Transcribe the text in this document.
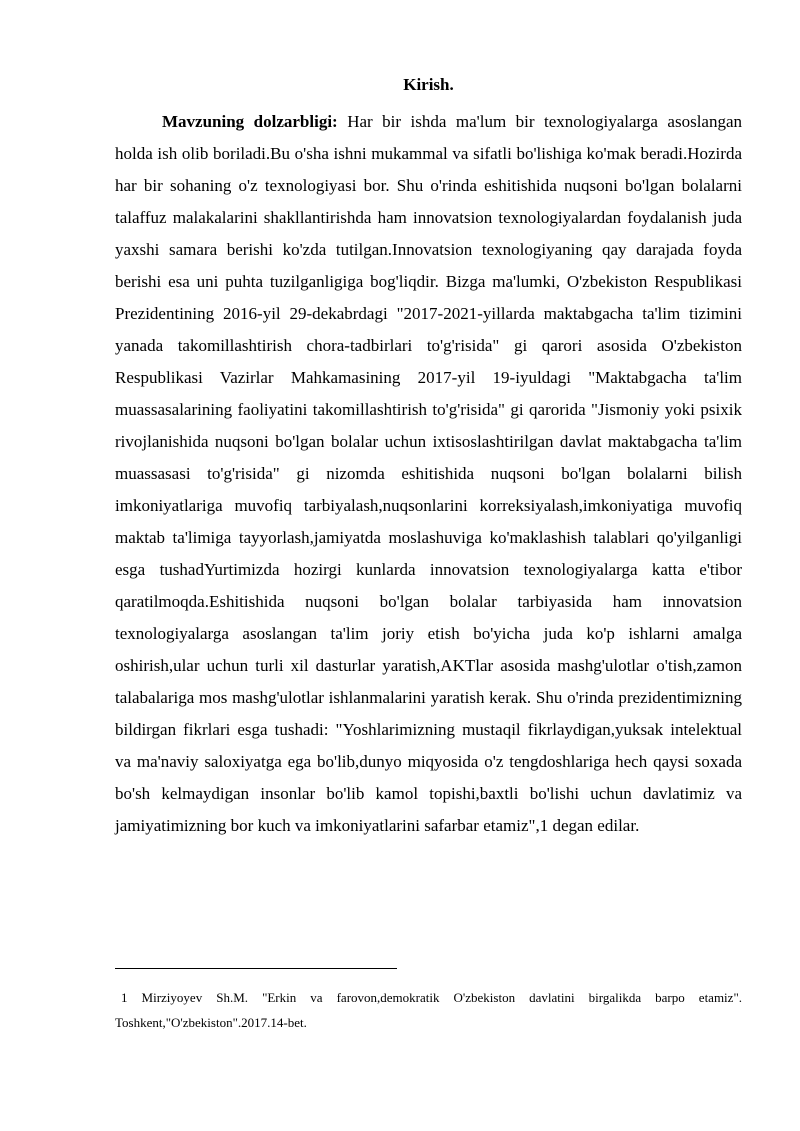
Kirish.

Mavzuning dolzarbligi: Har bir ishda ma'lum bir texnologiyalarga asoslangan holda ish olib boriladi.Bu o'sha ishni mukammal va sifatli bo'lishiga ko'mak beradi.Hozirda har bir sohaning o'z texnologiyasi bor. Shu o'rinda eshitishida nuqsoni bo'lgan bolalarni talaffuz malakalarini shakllantirishda ham innovatsion texnologiyalardan foydalanish juda yaxshi samara berishi ko'zda tutilgan.Innovatsion texnologiyaning qay darajada foyda berishi esa uni puhta tuzilganligiga bog'liqdir. Bizga ma'lumki, O'zbekiston Respublikasi Prezidentining 2016-yil 29-dekabrdagi "2017-2021-yillarda maktabgacha ta'lim tizimini yanada takomillashtirish chora-tadbirlari to'g'risida" gi qarori asosida O'zbekiston Respublikasi Vazirlar Mahkamasining 2017-yil 19-iyuldagi "Maktabgacha ta'lim muassasalarining faoliyatini takomillashtirish to'g'risida" gi qarorida "Jismoniy yoki psixik rivojlanishida nuqsoni bo'lgan bolalar uchun ixtisoslashtirilgan davlat maktabgacha ta'lim muassasasi to'g'risida" gi nizomda eshitishida nuqsoni bo'lgan bolalarni bilish imkoniyatlariga muvofiq tarbiyalash,nuqsonlarini korreksiyalash,imkoniyatiga muvofiq maktab ta'limiga tayyorlash,jamiyatda moslashuviga ko'maklashish talablari qo'yilganligi esga tushadYurtimizda hozirgi kunlarda innovatsion texnologiyalarga katta e'tibor qaratilmoqda.Eshitishida nuqsoni bo'lgan bolalar tarbiyasida ham innovatsion texnologiyalarga asoslangan ta'lim joriy etish bo'yicha juda ko'p ishlarni amalga oshirish,ular uchun turli xil dasturlar yaratish,AKTlar asosida mashg'ulotlar o'tish,zamon talabalariga mos mashg'ulotlar ishlanmalarini yaratish kerak. Shu o'rinda prezidentimizning bildirgan fikrlari esga tushadi: "Yoshlarimizning mustaqil fikrlaydigan,yuksak intelektual va ma'naviy saloxiyatga ega bo'lib,dunyo miqyosida o'z tengdoshlariga hech qaysi soxada bo'sh kelmaydigan insonlar bo'lib kamol topishi,baxtli bo'lishi uchun davlatimiz va jamiyatimizning bor kuch va imkoniyatlarini safarbar etamiz",1 degan edilar.

1 Mirziyoyev Sh.M. "Erkin va farovon,demokratik O'zbekiston davlatini birgalikda barpo etamiz". Toshkent,"O'zbekiston".2017.14-bet.
